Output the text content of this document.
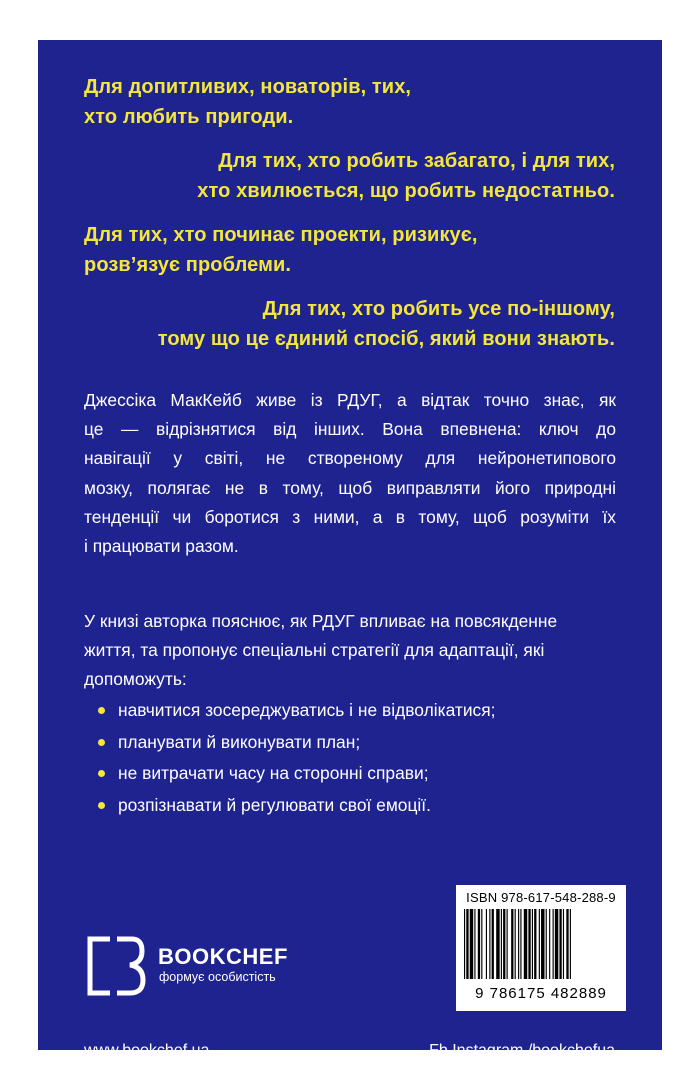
Для допитливих, новаторів, тих,
хто любить пригоди.

Для тих, хто робить забагато, і для тих,
хто хвилюється, що робить недостатньо.

Для тих, хто починає проекти, ризикує,
розв’язує проблеми.

Для тих, хто робить усе по-іншому,
тому що це єдиний спосіб, який вони знають.

Джессіка МакКейб живе із РДУГ, а відтак точно знає, як
це — відрізнятися від інших. Вона впевнена: ключ до
навігації у світі, не створеному для нейронетипового
мозку, полягає не в тому, щоб виправляти його природні
тенденції чи боротися з ними, а в тому, щоб розуміти їх
і працювати разом.

У книзі авторка пояснює, як РДУГ впливає на повсякденне
життя, та пропонує спеціальні стратегії для адаптації, які
допоможуть:

навчитися зосереджуватись і не відволікатися;
планувати й виконувати план;
не витрачати часу на сторонні справи;
розпізнавати й регулювати свої емоції.
ISBN 978-617-548-288-9
9 786175 482889
BOOKCHEF
формує особистість
www.bookchef.ua	Fb Instagram /bookchefua
